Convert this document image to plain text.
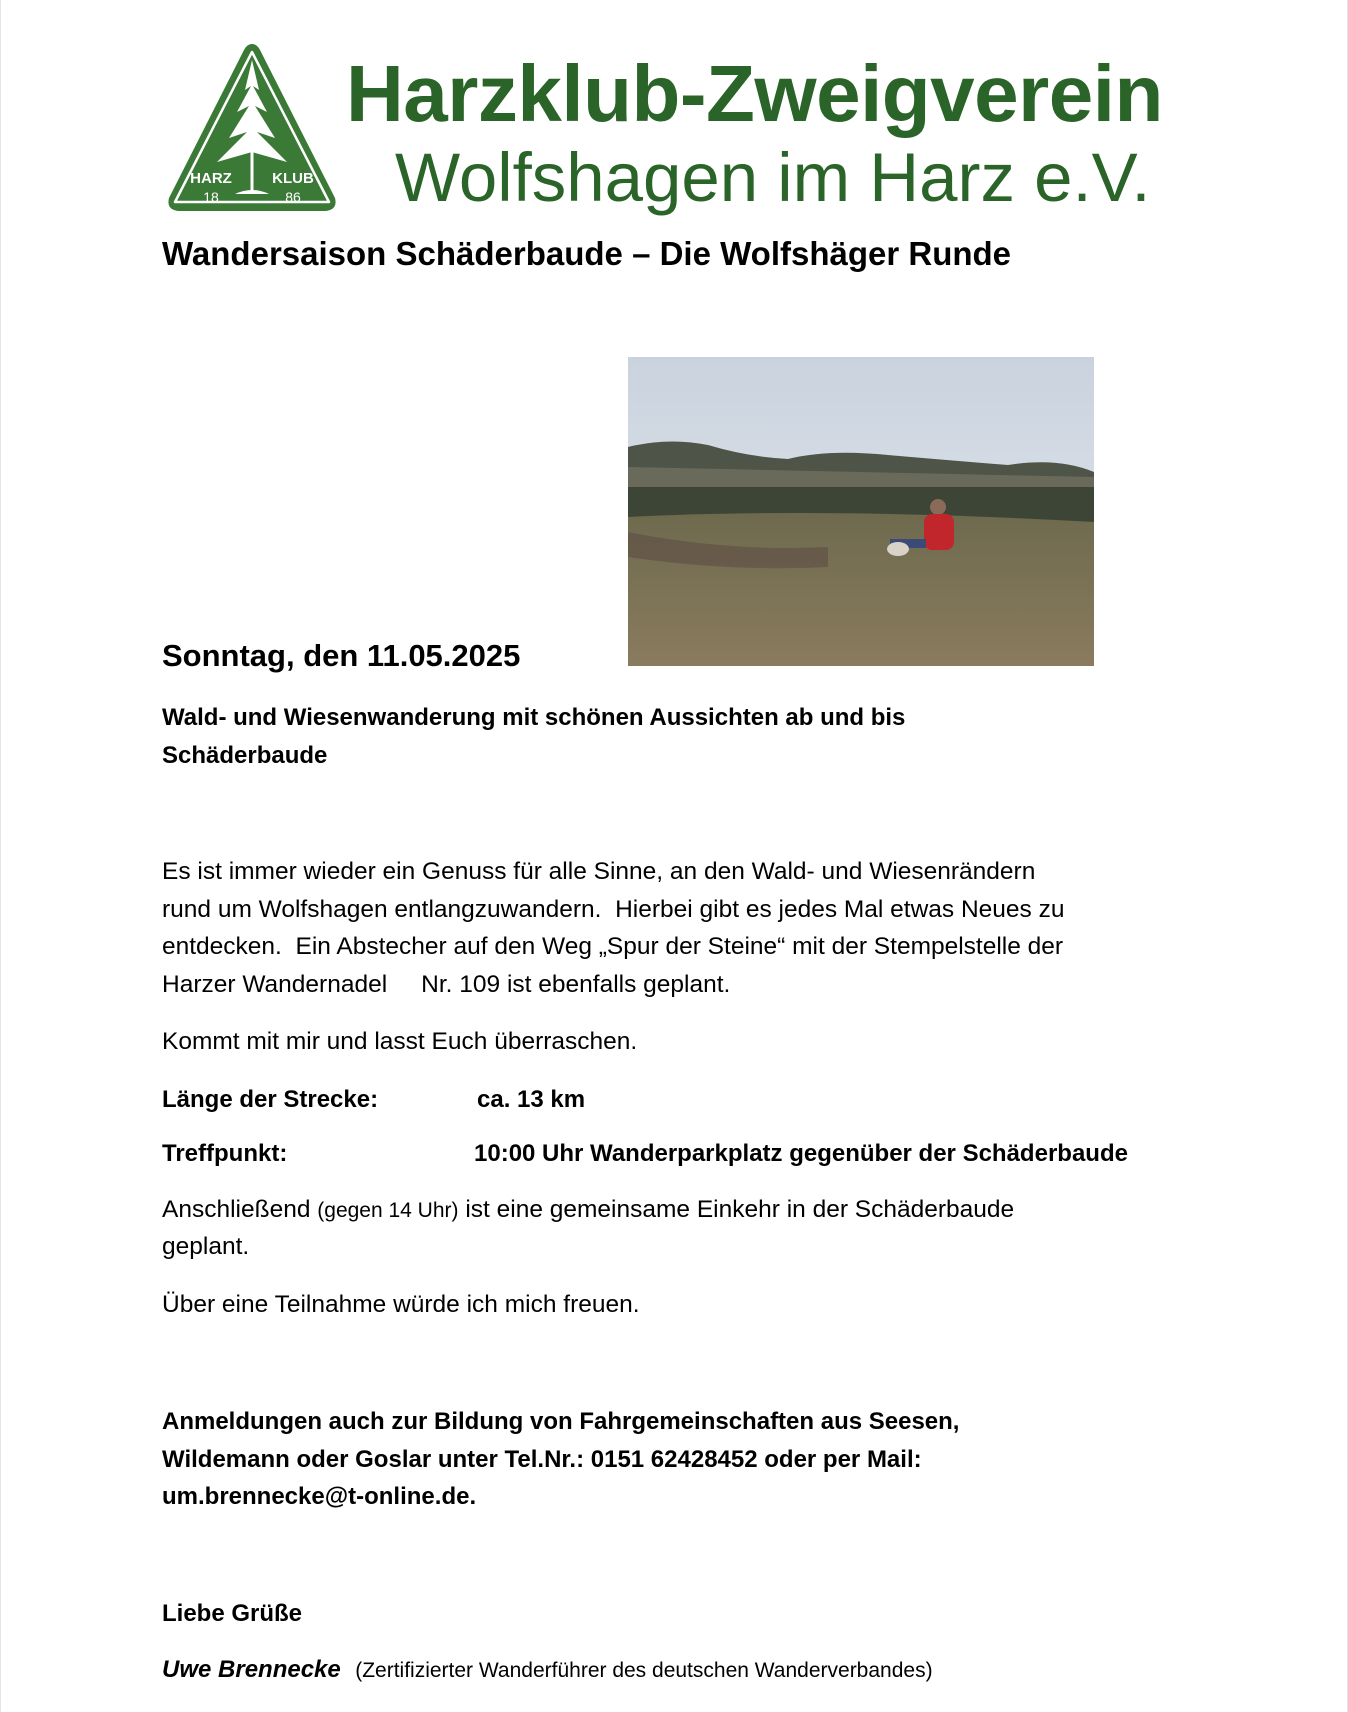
HARZ	KLUB
18	86
Harzklub-Zweigverein
Wolfshagen im Harz e.V.
Wandersaison Schäderbaude – Die Wolfshäger Runde
Sonntag, den 11.05.2025
Wald- und Wiesenwanderung mit schönen Aussichten ab und bis
Schäderbaude
Es ist immer wieder ein Genuss für alle Sinne, an den Wald- und Wiesenrändern
rund um Wolfshagen entlangzuwandern.  Hierbei gibt es jedes Mal etwas Neues zu
entdecken.  Ein Abstecher auf den Weg „Spur der Steine“ mit der Stempelstelle der
Harzer Wandernadel     Nr. 109 ist ebenfalls geplant.
Kommt mit mir und lasst Euch überraschen.
Länge der Strecke:	ca. 13 km
Treffpunkt:	10:00 Uhr Wanderparkplatz gegenüber der Schäderbaude
Anschließend (gegen 14 Uhr) ist eine gemeinsame Einkehr in der Schäderbaude
geplant.
Über eine Teilnahme würde ich mich freuen.
Anmeldungen auch zur Bildung von Fahrgemeinschaften aus Seesen,
Wildemann oder Goslar unter Tel.Nr.: 0151 62428452 oder per Mail:
um.brennecke@t-online.de.
Liebe Grüße
Uwe Brennecke (Zertifizierter Wanderführer des deutschen Wanderverbandes)
